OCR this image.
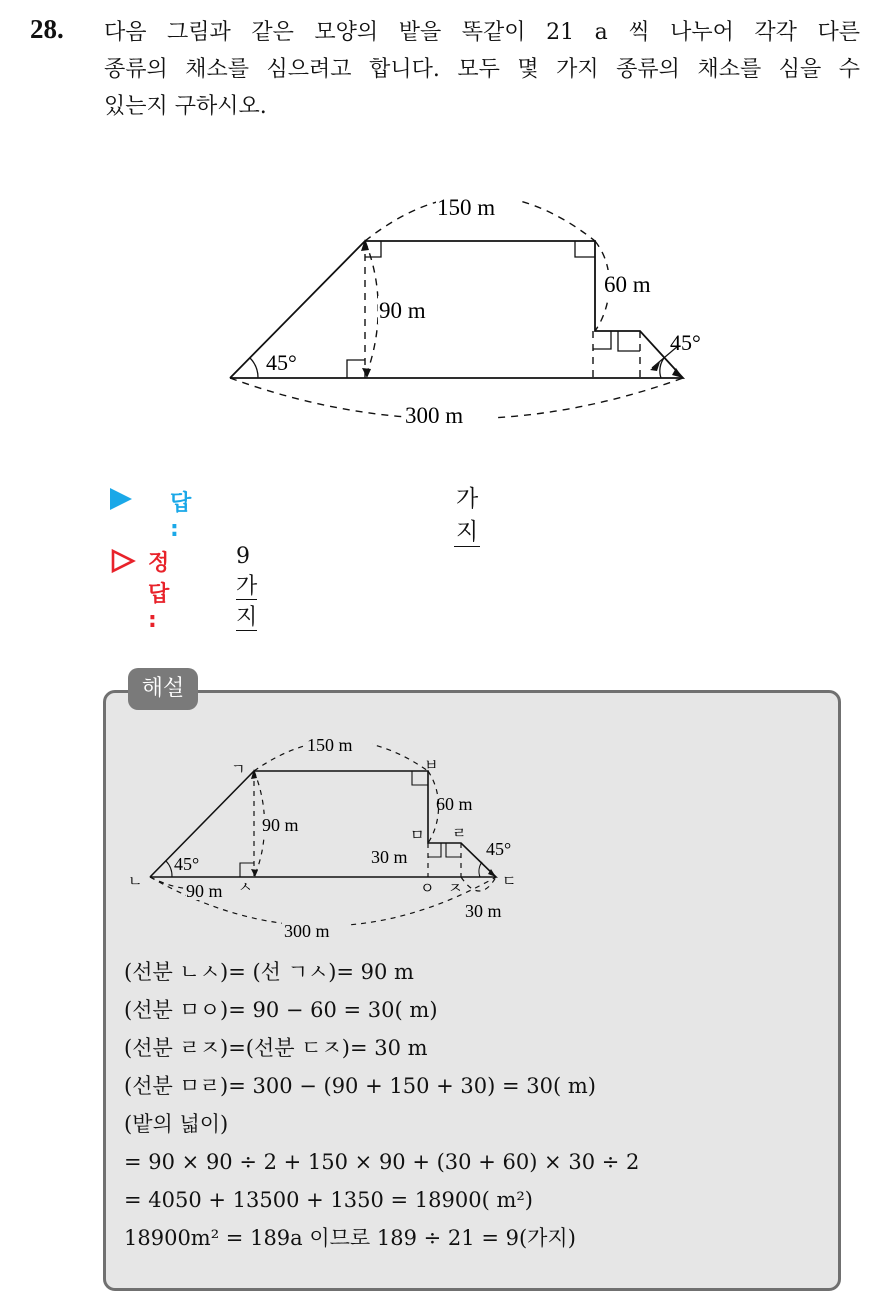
28. 다음 그림과 같은 모양의 밭을 똑같이 21 a 씩 나누어 각각 다른
종류의 채소를 심으려고 합니다. 모두 몇 가지 종류의 채소를 심을 수
있는지 구하시오.
150 m
300 m
90 m
60 m
45°
45°
답 :
가지
정답 :
9가지
해설
150 m
300 m
90 m
60 m
30 m
90 m
30 m
45°
45°
ㄱ
ㄴ	ㅅ
ㅂ
ㅁ ㄹ
ㅇ ㅈ	ㄷ
(선분 ㄴㅅ)= (선 ㄱㅅ)= 90 m
(선분 ㅁㅇ)= 90 − 60 = 30( m)
(선분 ㄹㅈ)=(선분 ㄷㅈ)= 30 m
(선분 ㅁㄹ)= 300 − (90 + 150 + 30) = 30( m)
(밭의 넓이)
= 90 × 90 ÷ 2 + 150 × 90 + (30 + 60) × 30 ÷ 2
= 4050 + 13500 + 1350 = 18900( m²)
18900m² = 189a 이므로 189 ÷ 21 = 9(가지)
